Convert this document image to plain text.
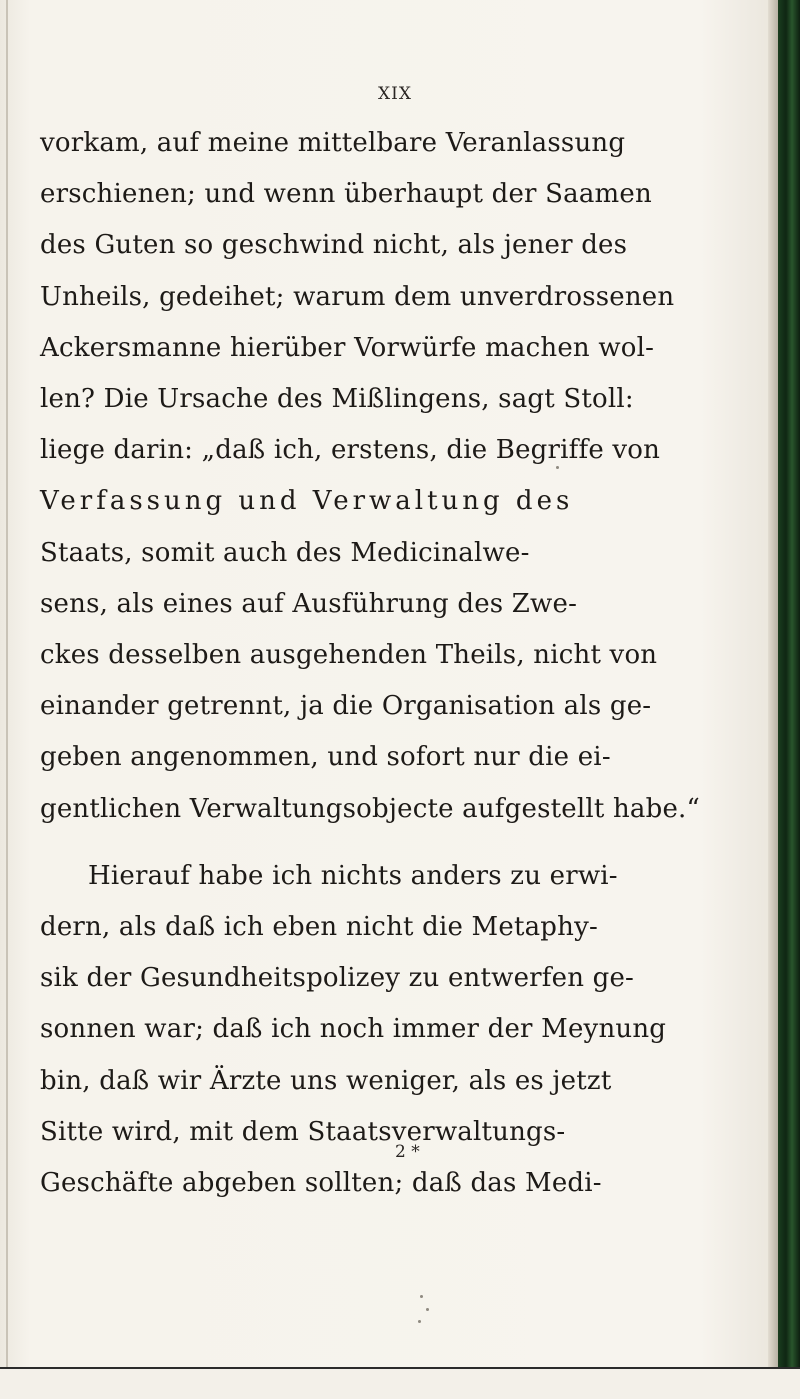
XIX
vorkam, auf meine mittelbare Veranlassung
erschienen; und wenn überhaupt der Saamen
des Guten so geschwind nicht, als jener des
Unheils, gedeihet; warum dem unverdrossenen
Ackersmanne hierüber Vorwürfe machen wol-
len? Die Ursache des Mißlingens, sagt Stoll:
liege darin: „daß ich, erstens, die Begriffe von
Verfassung und Verwaltung des
Staats, somit auch des Medicinalwe-
sens, als eines auf Ausführung des Zwe-
ckes desselben ausgehenden Theils, nicht von
einander getrennt, ja die Organisation als ge-
geben angenommen, und sofort nur die ei-
gentlichen Verwaltungsobjecte aufgestellt habe.“
Hierauf habe ich nichts anders zu erwi-
dern, als daß ich eben nicht die Metaphy-
sik der Gesundheitspolizey zu entwerfen ge-
sonnen war; daß ich noch immer der Meynung
bin, daß wir Ärzte uns weniger, als es jetzt
Sitte wird, mit dem Staatsverwaltungs-
Geschäfte abgeben sollten; daß das Medi-
2 *
